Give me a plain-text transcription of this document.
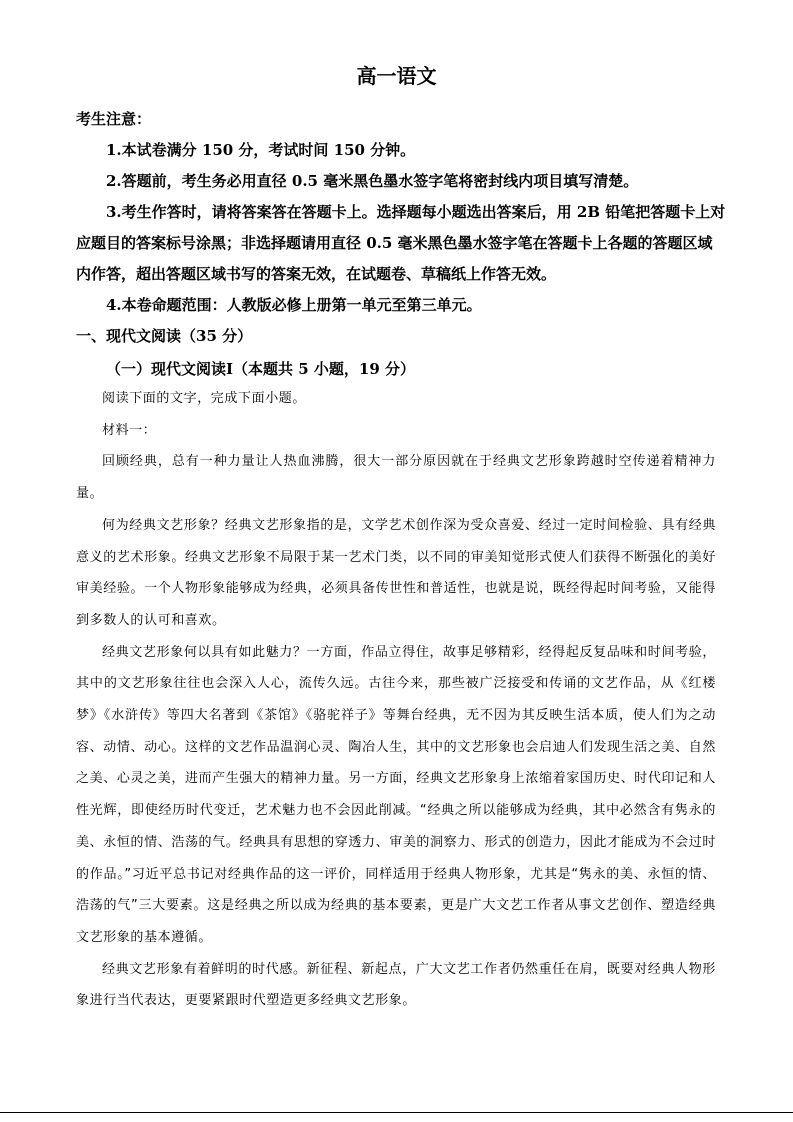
高一语文

考生注意：

1.本试卷满分 150 分，考试时间 150 分钟。

2.答题前，考生务必用直径 0.5 毫米黑色墨水签字笔将密封线内项目填写清楚。

3.考生作答时，请将答案答在答题卡上。选择题每小题选出答案后，用 2B 铅笔把答题卡上对应题目的答案标号涂黑；非选择题请用直径 0.5 毫米黑色墨水签字笔在答题卡上各题的答题区域内作答，超出答题区域书写的答案无效，在试题卷、草稿纸上作答无效。

4.本卷命题范围：人教版必修上册第一单元至第三单元。

一、现代文阅读（35 分）
（一）现代文阅读Ⅰ（本题共 5 小题，19 分）

阅读下面的文字，完成下面小题。

材料一：

回顾经典，总有一种力量让人热血沸腾，很大一部分原因就在于经典文艺形象跨越时空传递着精神力量。

何为经典文艺形象？经典文艺形象指的是，文学艺术创作深为受众喜爱、经过一定时间检验、具有经典意义的艺术形象。经典文艺形象不局限于某一艺术门类，以不同的审美知觉形式使人们获得不断强化的美好审美经验。一个人物形象能够成为经典，必须具备传世性和普适性，也就是说，既经得起时间考验，又能得到多数人的认可和喜欢。

经典文艺形象何以具有如此魅力？一方面，作品立得住，故事足够精彩，经得起反复品味和时间考验，其中的文艺形象往往也会深入人心，流传久远。古往今来，那些被广泛接受和传诵的文艺作品，从《红楼梦》《水浒传》等四大名著到《茶馆》《骆驼祥子》等舞台经典，无不因为其反映生活本质，使人们为之动容、动情、动心。这样的文艺作品温润心灵、陶冶人生，其中的文艺形象也会启迪人们发现生活之美、自然之美、心灵之美，进而产生强大的精神力量。另一方面，经典文艺形象身上浓缩着家国历史、时代印记和人性光辉，即使经历时代变迁，艺术魅力也不会因此削减。“经典之所以能够成为经典，其中必然含有隽永的美、永恒的情、浩荡的气。经典具有思想的穿透力、审美的洞察力、形式的创造力，因此才能成为不会过时的作品。”习近平总书记对经典作品的这一评价，同样适用于经典人物形象，尤其是“隽永的美、永恒的情、浩荡的气”三大要素。这是经典之所以成为经典的基本要素，更是广大文艺工作者从事文艺创作、塑造经典文艺形象的基本遵循。

经典文艺形象有着鲜明的时代感。新征程、新起点，广大文艺工作者仍然重任在肩，既要对经典人物形象进行当代表达，更要紧跟时代塑造更多经典文艺形象。
